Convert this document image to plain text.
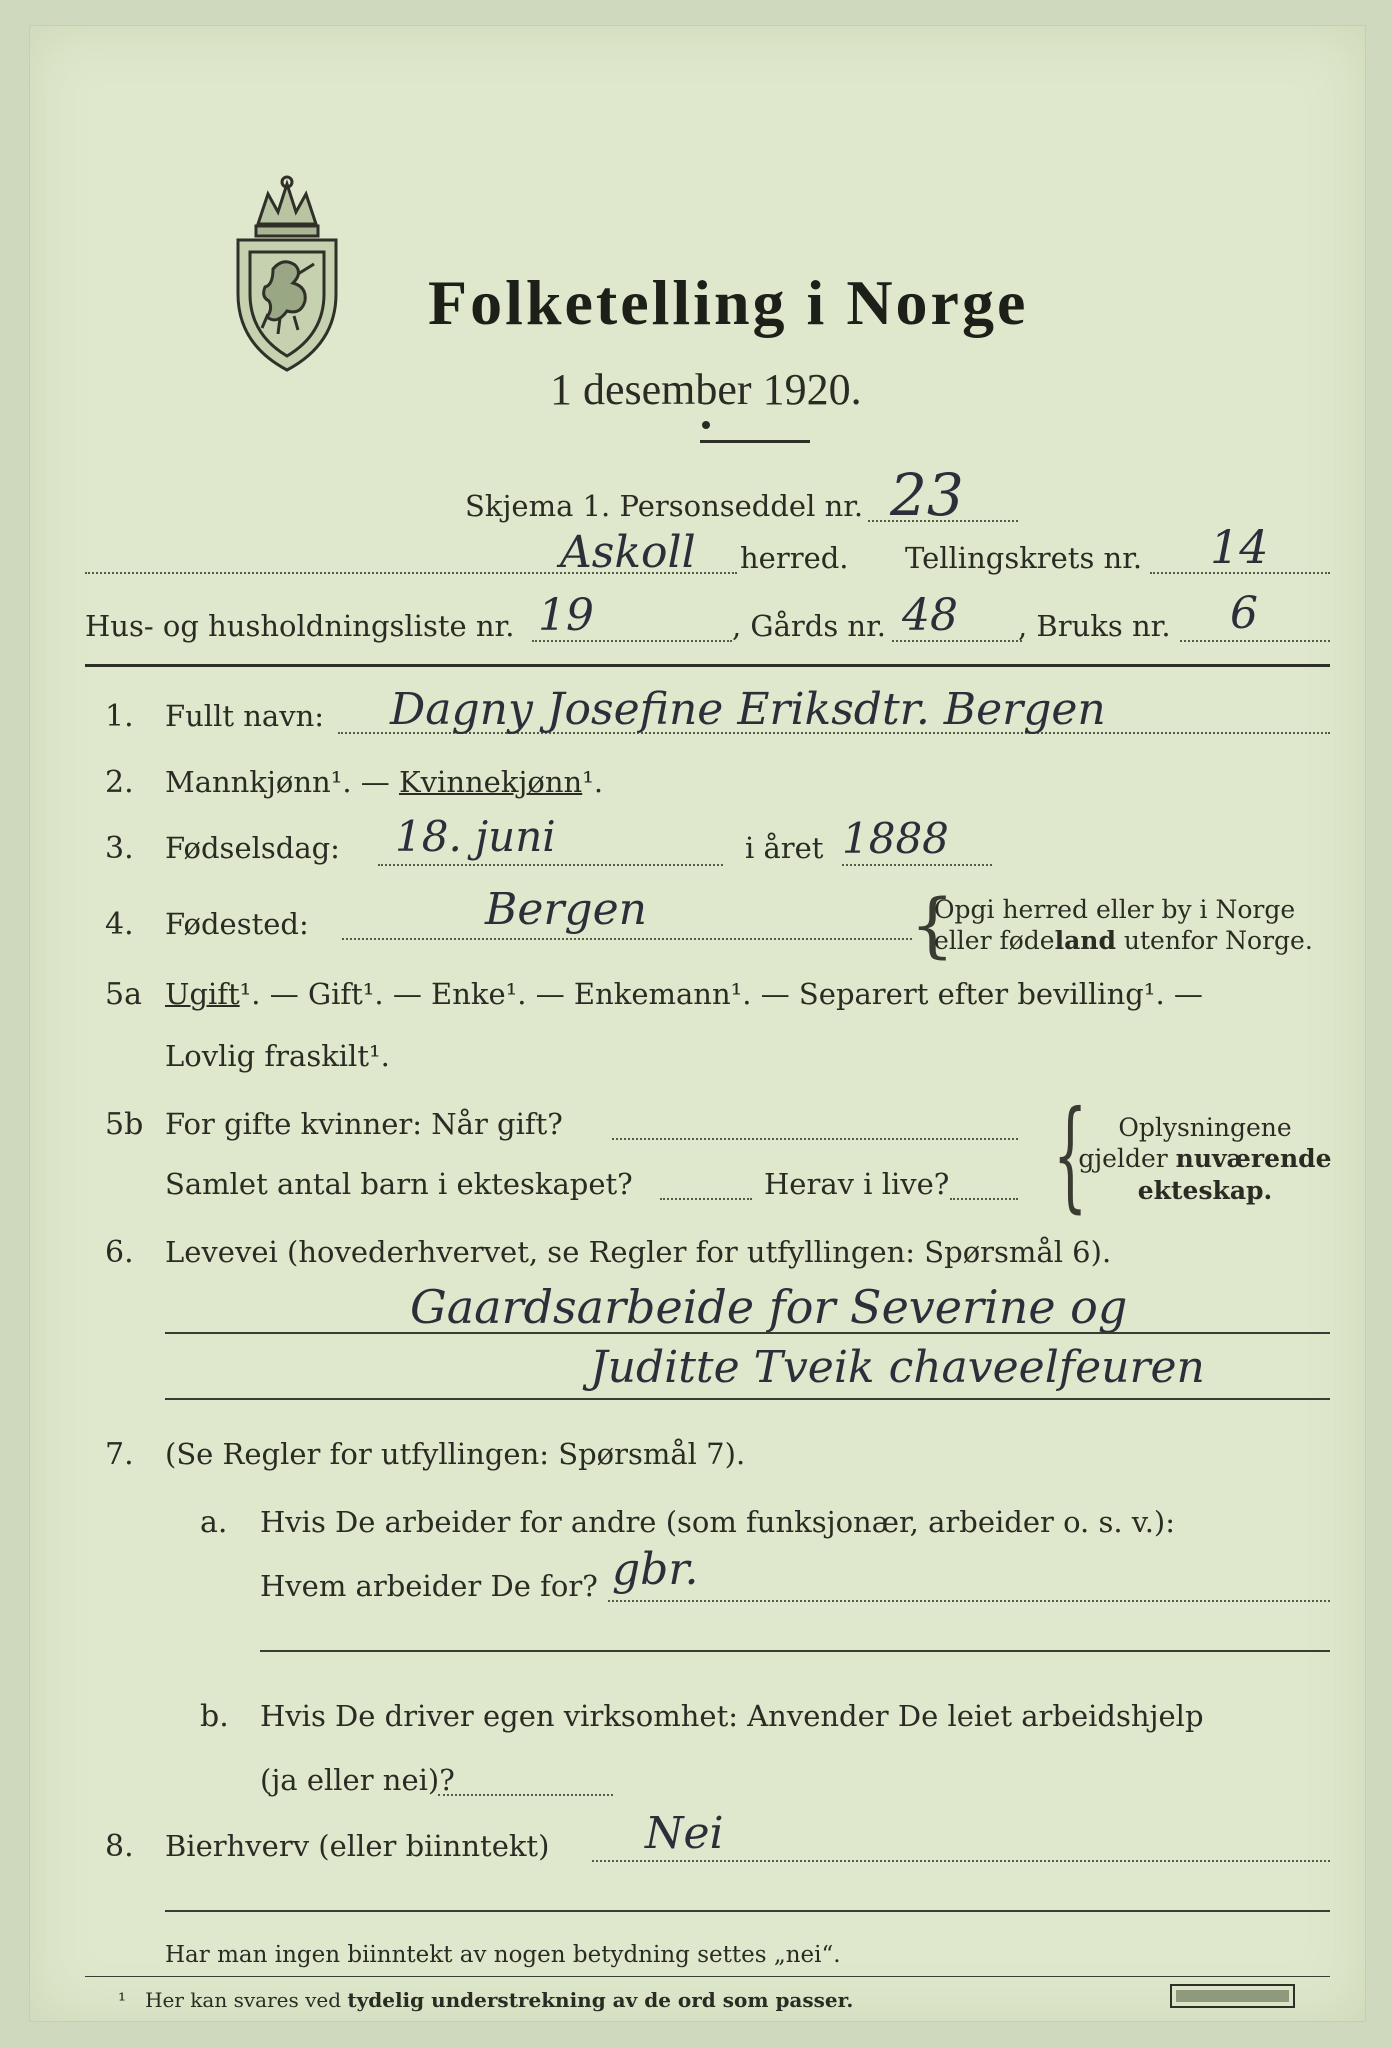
Folketelling i Norge
1 desember 1920.
Skjema 1. Personseddel nr. 23
Askoll herred. Tellingskrets nr. 14
Hus- og husholdningsliste nr. 19	, Gårds nr. 48 , Bruks nr. 6
1. Fullt navn: Dagny Josefine Eriksdtr. Bergen
2. Mannkjønn¹. — Kvinnekjønn¹.
3. Fødselsdag: 18. juni	i året 1888
4. Fødested:	Bergen	{
Opgi herred eller by i Norge
eller fødeland utenfor Norge.
5a Ugift¹. — Gift¹. — Enke¹. — Enkemann¹. — Separert efter bevilling¹. —
Lovlig fraskilt¹.
5b For gifte kvinner: Når gift?
Samlet antal barn i ekteskapet?	Herav i live? {	Oplysningene
gjelder nuværende
ekteskap.
6. Levevei (hovederhvervet, se Regler for utfyllingen: Spørsmål 6).
Gaardsarbeide for Severine og
Juditte Tveik chaveelfeuren
7. (Se Regler for utfyllingen: Spørsmål 7).
a. Hvis De arbeider for andre (som funksjonær, arbeider o. s. v.):
Hvem arbeider De for? gbr.
b. Hvis De driver egen virksomhet: Anvender De leiet arbeidshjelp
(ja eller nei)?
8. Bierhverv (eller biinntekt) Nei
Har man ingen biinntekt av nogen betydning settes „nei“.
¹ Her kan svares ved tydelig understrekning av de ord som passer.
